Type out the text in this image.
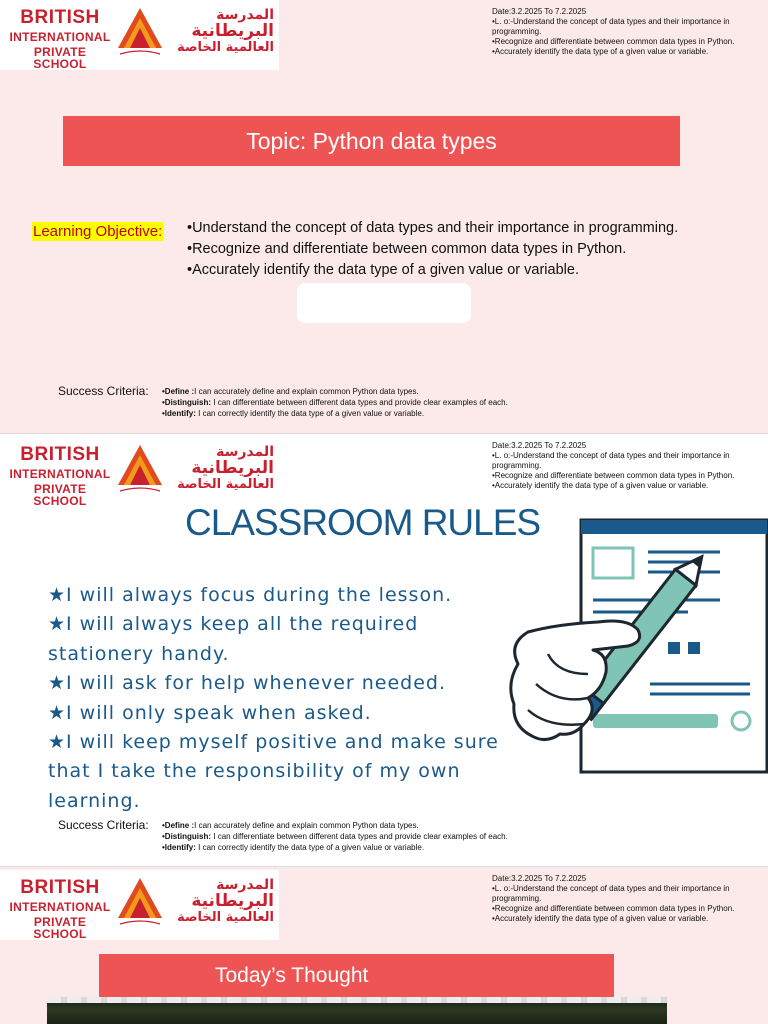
BRITISH
INTERNATIONAL
PRIVATE SCHOOL
المدرسة
البريطانية
العالمية الخاصة
Date:3.2.2025 To 7.2.2025
•L. o:-Understand the concept of data types and their importance in programming.
•Recognize and differentiate between common data types in Python.
•Accurately identify the data type of a given value or variable.
Topic: Python data types
Learning Objective: •Understand the concept of data types and their importance in programming.
•Recognize and differentiate between common data types in Python.
•Accurately identify the data type of a given value or variable.
Success Criteria: •Define :I can accurately define and explain common Python data types.
•Distinguish: I can differentiate between different data types and provide clear examples of each.
•Identify: I can correctly identify the data type of a given value or variable.
BRITISH
INTERNATIONAL
PRIVATE SCHOOL
المدرسة
البريطانية
العالمية الخاصة
Date:3.2.2025 To 7.2.2025
•L. o:-Understand the concept of data types and their importance in programming.
•Recognize and differentiate between common data types in Python.
•Accurately identify the data type of a given value or variable.
CLASSROOM RULES
★I will always focus during the lesson.
★I will always keep all the required stationery handy.
★I will ask for help whenever needed.
★I will only speak when asked.
★I will keep myself positive and make sure that I take the responsibility of my own learning.
Success Criteria: •Define :I can accurately define and explain common Python data types.
•Distinguish: I can differentiate between different data types and provide clear examples of each.
•Identify: I can correctly identify the data type of a given value or variable.
BRITISH
INTERNATIONAL
PRIVATE SCHOOL
المدرسة
البريطانية
العالمية الخاصة
Date:3.2.2025 To 7.2.2025
•L. o:-Understand the concept of data types and their importance in programming.
•Recognize and differentiate between common data types in Python.
•Accurately identify the data type of a given value or variable.
Today’s Thought
